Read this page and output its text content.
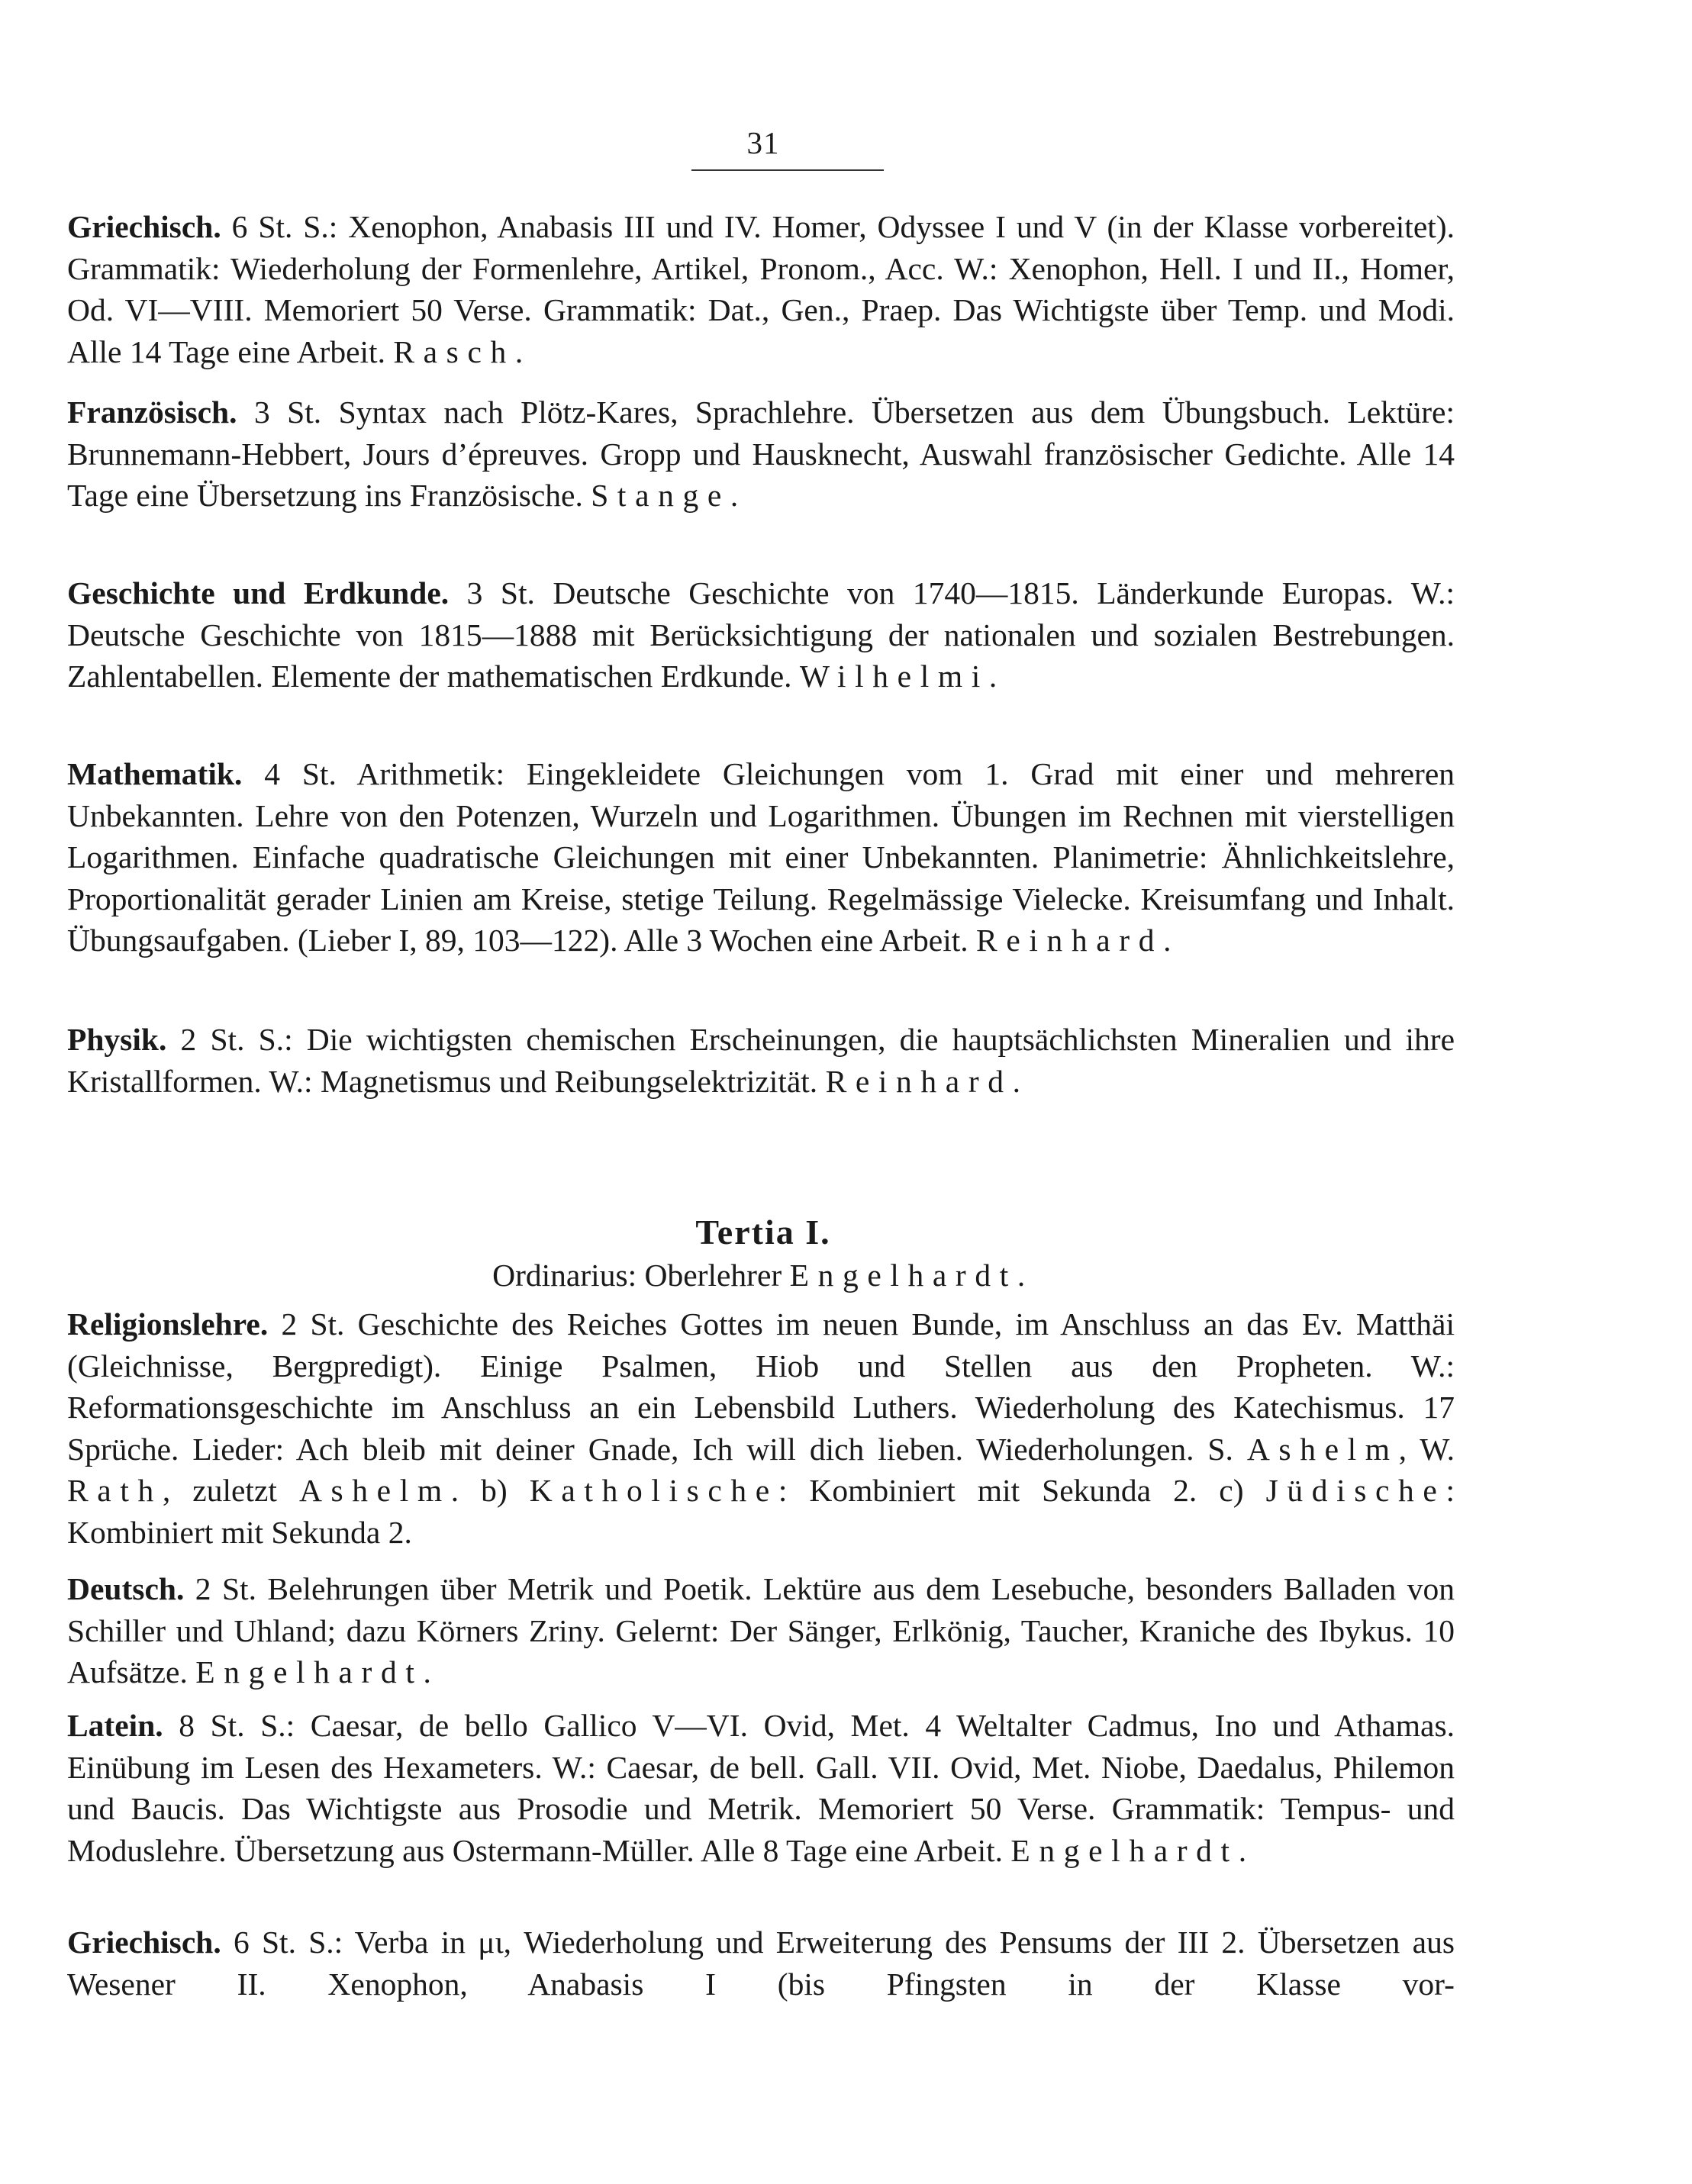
31

Griechisch. 6 St. S.: Xenophon, Anabasis III und IV. Homer, Odyssee I und V (in der Klasse vorbereitet). Grammatik: Wiederholung der Formenlehre, Artikel, Pronom., Acc. W.: Xenophon, Hell. I und II., Homer, Od. VI—VIII. Memoriert 50 Verse. Grammatik: Dat., Gen., Praep. Das Wichtigste über Temp. und Modi. Alle 14 Tage eine Arbeit. Rasch.

Französisch. 3 St. Syntax nach Plötz-Kares, Sprachlehre. Übersetzen aus dem Übungsbuch. Lektüre: Brunnemann-Hebbert, Jours d’épreuves. Gropp und Hausknecht, Auswahl französischer Gedichte. Alle 14 Tage eine Übersetzung ins Französische. Stange.

Geschichte und Erdkunde. 3 St. Deutsche Geschichte von 1740—1815. Länderkunde Europas. W.: Deutsche Geschichte von 1815—1888 mit Berücksichtigung der nationalen und sozialen Bestrebungen. Zahlentabellen. Elemente der mathematischen Erdkunde. Wilhelmi.

Mathematik. 4 St. Arithmetik: Eingekleidete Gleichungen vom 1. Grad mit einer und mehreren Unbekannten. Lehre von den Potenzen, Wurzeln und Logarithmen. Übungen im Rechnen mit vierstelligen Logarithmen. Einfache quadratische Gleichungen mit einer Unbekannten. Planimetrie: Ähnlichkeitslehre, Proportionalität gerader Linien am Kreise, stetige Teilung. Regelmässige Vielecke. Kreisumfang und Inhalt. Übungsaufgaben. (Lieber I, 89, 103—122). Alle 3 Wochen eine Arbeit. Reinhard.

Physik. 2 St. S.: Die wichtigsten chemischen Erscheinungen, die hauptsächlichsten Mineralien und ihre Kristallformen. W.: Magnetismus und Reibungselektrizität. Reinhard.

Tertia I.
Ordinarius: Oberlehrer Engelhardt.

Religionslehre. 2 St. Geschichte des Reiches Gottes im neuen Bunde, im Anschluss an das Ev. Matthäi (Gleichnisse, Bergpredigt). Einige Psalmen, Hiob und Stellen aus den Propheten. W.: Reformationsgeschichte im Anschluss an ein Lebensbild Luthers. Wiederholung des Katechismus. 17 Sprüche. Lieder: Ach bleib mit deiner Gnade, Ich will dich lieben. Wiederholungen. S. Ashelm, W. Rath, zuletzt Ashelm. b) Katholische: Kombiniert mit Sekunda 2. c) Jüdische: Kombiniert mit Sekunda 2.

Deutsch. 2 St. Belehrungen über Metrik und Poetik. Lektüre aus dem Lesebuche, besonders Balladen von Schiller und Uhland; dazu Körners Zriny. Gelernt: Der Sänger, Erlkönig, Taucher, Kraniche des Ibykus. 10 Aufsätze. Engelhardt.

Latein. 8 St. S.: Caesar, de bello Gallico V—VI. Ovid, Met. 4 Weltalter Cadmus, Ino und Athamas. Einübung im Lesen des Hexameters. W.: Caesar, de bell. Gall. VII. Ovid, Met. Niobe, Daedalus, Philemon und Baucis. Das Wichtigste aus Prosodie und Metrik. Memoriert 50 Verse. Grammatik: Tempus- und Moduslehre. Übersetzung aus Ostermann-Müller. Alle 8 Tage eine Arbeit. Engelhardt.

Griechisch. 6 St. S.: Verba in μι, Wiederholung und Erweiterung des Pensums der III 2. Übersetzen aus Wesener II. Xenophon, Anabasis I (bis Pfingsten in der Klasse vor-
